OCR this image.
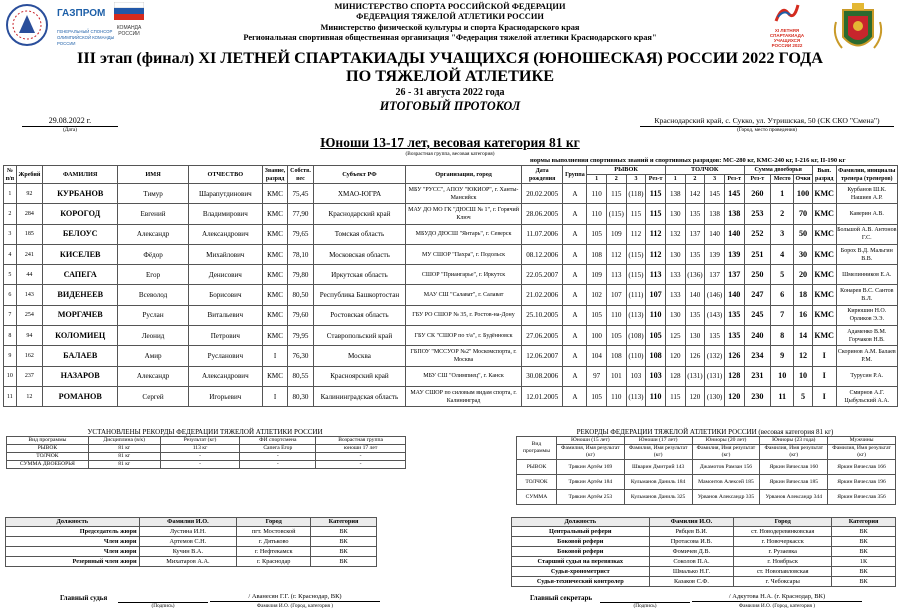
ГАЗПРОМ
ГЕНЕРАЛЬНЫЙ СПОНСОР ОЛИМПИЙСКОЙ КОМАНДЫ РОССИИ
КОМАНДА РОССИИ
XI ЛЕТНЯЯ
СПАРТАКИАДА
УЧАЩИХСЯ
РОССИИ 2022
МИНИСТЕРСТВО СПОРТА РОССИЙСКОЙ ФЕДЕРАЦИИ
ФЕДЕРАЦИЯ ТЯЖЕЛОЙ АТЛЕТИКИ РОССИИ
Министерство физической культуры и спорта Краснодарского края
Региональная спортивная общественная организация "Федерация тяжелой атлетики Краснодарского края"
III этап (финал) XI ЛЕТНЕЙ СПАРТАКИАДЫ УЧАЩИХСЯ (ЮНОШЕСКАЯ) РОССИИ 2022 ГОДА
ПО ТЯЖЕЛОЙ АТЛЕТИКЕ
26 - 31 августа 2022 года
ИТОГОВЫЙ ПРОТОКОЛ
29.08.2022 г.
(Дата)
Краснодарский край, с. Сукко, ул. Утришская, 50 (СК СКО "Смена")
(Город, место проведения)
Юноши 13-17 лет, весовая категория 81 кг
(Возрастная группа, весовая категория)
нормы выполнения спортивных званий и спортивных разрядов: МС-280 кг, КМС-240 кг, I-216 кг, II-190 кг
№ п/п	Жребий	ФАМИЛИЯ	ИМЯ	ОТЧЕСТВО	Звание, разряд	Собств. вес	Субъект РФ	Организация, город	Дата рождения	Группа	РЫВОК				ТОЛЧОК				Сумма двоеборья			Вып. разряд	Фамилии, инициалы тренера (тренеров)
											1	2	3	Рез-т	1	2	3	Рез-т	Рез-т	Место	Очки		
1	92	КУРБАНОВ	Тимур	Шарапутдинович	КМС	75,45	ХМАО-ЮГРА	МБУ "РУСС", АПОУ "ЮКИОР", г. Ханты-Мансийск	20.02.2005	А	110	115	(118)	115	138	142	145	145	260	1	100	КМС	Курбанов Ш.К. Нашиев А.Р.
2	284	КОРОГОД	Евгений	Владимирович	КМС	77,90	Краснодарский край	МАУ ДО МО ГК "ДЮСШ № 1", г. Горячий Ключ	28.06.2005	А	110	(115)	115	115	130	135	138	138	253	2	70	КМС	Каверин А.В.
3	185	БЕЛОУС	Александр	Александрович	КМС	79,65	Томская область	МБУДО ДЮСШ "Янтарь", г. Северск	11.07.2006	А	105	109	112	112	132	137	140	140	252	3	50	КМС	Большой А.В. Антонов Г.С.
4	241	КИСЕЛЕВ	Фёдор	Михайлович	КМС	78,10	Московская область	МУ СШОР "Пахра", г. Подольск	08.12.2006	А	108	112	(115)	112	130	135	139	139	251	4	30	КМС	Борох В.Д. Мальгин В.В.
5	44	САПЕГА	Егор	Денисович	КМС	79,80	Иркутская область	СШОР "Приангарье", г. Иркутск	22.05.2007	А	109	113	(115)	113	133	(136)	137	137	250	5	20	КМС	Шмелинников Е.А.
6	143	ВИДЕНЕЕВ	Всеволод	Борисович	КМС	80,50	Республика Башкортостан	МАУ СШ "Салават", г. Салават	21.02.2006	А	102	107	(111)	107	133	140	(146)	140	247	6	18	КМС	Конарев В.С. Сантов В.Л.
7	254	МОРГАЧЕВ	Руслан	Витальевич	КМС	79,60	Ростовская область	ГБУ РО СШОР № 35, г. Ростов-на-Дону	25.10.2005	А	105	110	(113)	110	130	135	(143)	135	245	7	16	КМС	Кирюшин Н.О. Орликов Э.Э.
8	94	КОЛОМИЕЦ	Леонид	Петрович	КМС	79,95	Ставропольский край	ГБУ СК "СШОР по т/а", г. Будённовск	27.06.2005	А	100	105	(108)	105	125	130	135	135	240	8	14	КМС	Адаменко В.М. Горчаков Н.В.
9	162	БАЛАЕВ	Амир	Русланович	I	76,30	Москва	ГБПОУ "МССУОР №2" Москомспорта, г. Москва	12.06.2007	А	104	108	(110)	108	120	126	(132)	126	234	9	12	I	Скоринов А.М. Балаев Р.М.
10	237	НАЗАРОВ	Александр	Александрович	КМС	80,55	Красноярский край	МБУ СШ "Олимпиец", г. Канск	30.08.2006	А	97	101	103	103	128	(131)	(131)	128	231	10	10	I	Турусин Р.А.
11	12	РОМАНОВ	Сергей	Игорьевич	I	80,30	Калининградская область	МАУ СШОР по силовым видам спорта, г. Калининград	12.01.2005	А	105	110	(113)	110	115	120	(130)	120	230	11	5	I	Смирнов А.Г. Цыбульский А.А.
УСТАНОВЛЕНЫ РЕКОРДЫ ФЕДЕРАЦИИ ТЯЖЕЛОЙ АТЛЕТИКИ РОССИИ
Вид программы	Дисциплина (в/к)	Результат (кг)	ФИ спортсмена	Возрастная группа
РЫВОК	81 кг	113 кг	Сапега Егор	юноши 17 лет
ТОЛЧОК	81 кг	-	-	-
СУММА ДВОЕБОРЬЯ	81 кг	-	-	-
РЕКОРДЫ ФЕДЕРАЦИИ ТЯЖЕЛОЙ АТЛЕТИКИ РОССИИ (весовая категория 81 кг)
Вид программы	Юноши (15 лет)	Юноши (17 лет)	Юниоры (20 лет)	Юниоры (23 года)	Мужчины
	Фамилия, Имя результат (кг)	Фамилия, Имя результат (кг)	Фамилия, Имя результат (кг)	Фамилия, Имя результат (кг)	Фамилия, Имя результат (кг)
РЫВОК	Трякин Артём 169	Шварин Дмитрий 143	Джамотов Рамзан 156	Яркин Вячеслав 160	Яркин Вячеслав 166
ТОЛЧОК	Трякин Артём 184	Кульманов Даниль 184	Мамонтов Алексей 185	Яркин Вячеслав 185	Яркин Вячеслав 196
СУММА	Трякин Артём 253	Кульманов Даниль 325	Урванов Александр 335	Урванов Александр 344	Яркин Вячеслав 356
Должность	Фамилия И.О.	Город	Категория
Председатель жюри	Лустина И.Н.	пгт. Мостовской	ВК
Член жюри	Артемов С.Н.	г. Дятьково	ВК
Член жюри	Кучин В.А.	г. Нефтекамск	ВК
Резервный член жюри	Михатаров А.А.	г. Краснодар	ВК
Должность	Фамилия И.О.	Город	Категория
Центральный рефери	Рябцев В.И.	ст. Новодеревянковская	ВК
Боковой рефери	Протасова И.В.	г. Новочеркасск	ВК
Боковой рефери	Фомичев Д.В.	г. Рузаевка	ВК
Старший судья на перевязках	Соколов П.А.	г. Ноябрьск	1К
Судья-хронометрист	Шмалько Н.Г.	ст. Новопавловская	ВК
Судья-технический контролер	Казаков С.Ф.	г. Чебоксары	ВК
Главный судья	/ Аванесян Г.Г. (г. Краснодар, ВК)
(Подпись)	Фамилия И.О. (Город, категория )
Главный секретарь	/ Адкутова Н.А. (г. Краснодар, ВК)
(Подпись)	Фамилия И.О. (Город, категория )
